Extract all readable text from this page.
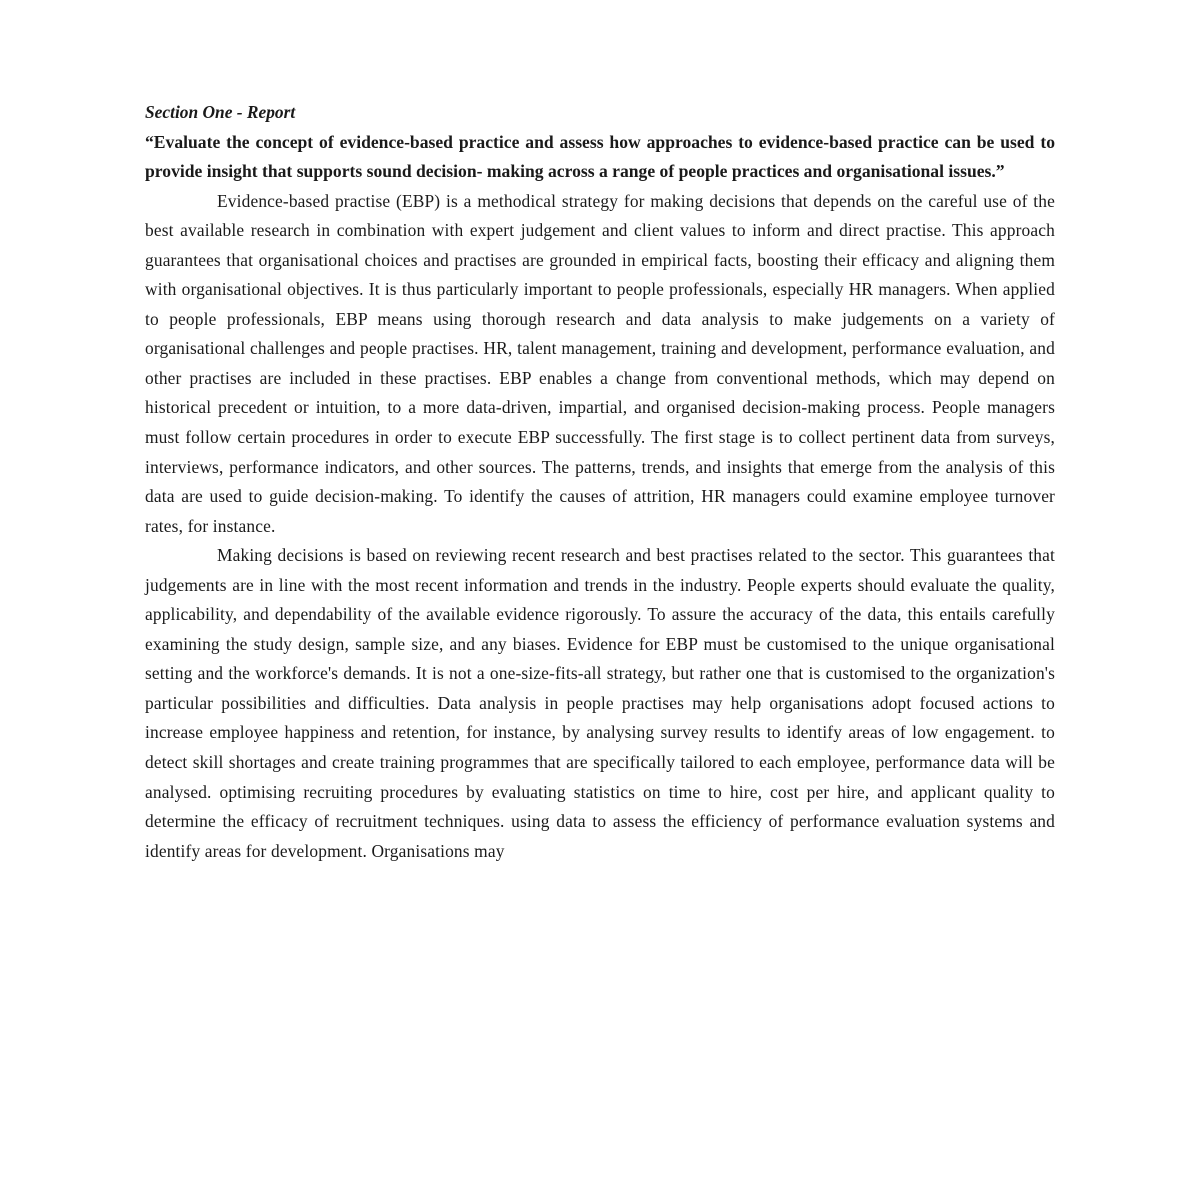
Section One - Report

“Evaluate the concept of evidence-based practice and assess how approaches to evidence-based practice can be used to provide insight that supports sound decision- making across a range of people practices and organisational issues.”

Evidence-based practise (EBP) is a methodical strategy for making decisions that depends on the careful use of the best available research in combination with expert judgement and client values to inform and direct practise. This approach guarantees that organisational choices and practises are grounded in empirical facts, boosting their efficacy and aligning them with organisational objectives. It is thus particularly important to people professionals, especially HR managers. When applied to people professionals, EBP means using thorough research and data analysis to make judgements on a variety of organisational challenges and people practises. HR, talent management, training and development, performance evaluation, and other practises are included in these practises. EBP enables a change from conventional methods, which may depend on historical precedent or intuition, to a more data-driven, impartial, and organised decision-making process. People managers must follow certain procedures in order to execute EBP successfully. The first stage is to collect pertinent data from surveys, interviews, performance indicators, and other sources. The patterns, trends, and insights that emerge from the analysis of this data are used to guide decision-making. To identify the causes of attrition, HR managers could examine employee turnover rates, for instance.

Making decisions is based on reviewing recent research and best practises related to the sector. This guarantees that judgements are in line with the most recent information and trends in the industry. People experts should evaluate the quality, applicability, and dependability of the available evidence rigorously. To assure the accuracy of the data, this entails carefully examining the study design, sample size, and any biases. Evidence for EBP must be customised to the unique organisational setting and the workforce's demands. It is not a one-size-fits-all strategy, but rather one that is customised to the organization's particular possibilities and difficulties. Data analysis in people practises may help organisations adopt focused actions to increase employee happiness and retention, for instance, by analysing survey results to identify areas of low engagement. to detect skill shortages and create training programmes that are specifically tailored to each employee, performance data will be analysed. optimising recruiting procedures by evaluating statistics on time to hire, cost per hire, and applicant quality to determine the efficacy of recruitment techniques. using data to assess the efficiency of performance evaluation systems and identify areas for development. Organisations may
